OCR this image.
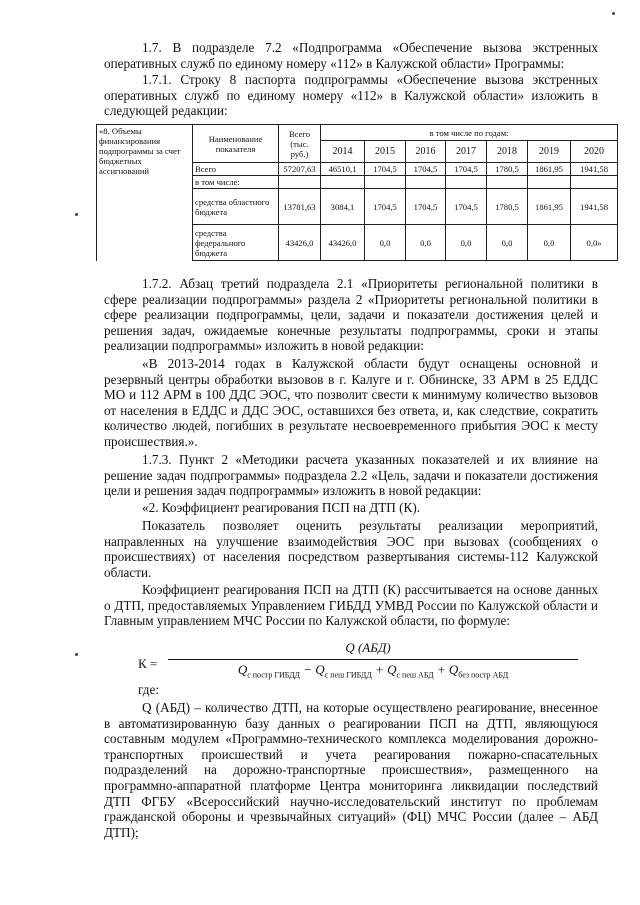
1.7. В подразделе 7.2 «Подпрограмма «Обеспечение вызова экстренных оперативных служб по единому номеру «112» в Калужской области» Программы:
1.7.1. Строку 8 паспорта подпрограммы «Обеспечение вызова экстренных оперативных служб по единому номеру «112» в Калужской области» изложить в следующей редакции:
«8. Объемы финансирования подпрограммы за счет бюджетных ассигнований	Наименование показателя	Всего (тыс. руб.)	в том числе по годам:						
			2014	2015	2016	2017	2018	2019	2020
	Всего	57207,63	46510,1	1704,5	1704,5	1704,5	1780,5	1861,95	1941,58
	в том числе:								
	средства областного бюджета	13781,63	3084,1	1704,5	1704,5	1704,5	1780,5	1861,95	1941,58
	средства федерального бюджета	43426,0	43426,0	0,0	0,0	0,0	0,0	0,0	0,0»
1.7.2. Абзац третий подраздела 2.1 «Приоритеты региональной политики в сфере реализации подпрограммы» раздела 2 «Приоритеты региональной политики в сфере реализации подпрограммы, цели, задачи и показатели достижения целей и решения задач, ожидаемые конечные результаты подпрограммы, сроки и этапы реализации подпрограммы» изложить в новой редакции:
«В 2013-2014 годах в Калужской области будут оснащены основной и резервный центры обработки вызовов в г. Калуге и г. Обнинске, 33 АРМ в 25 ЕДДС МО и 112 АРМ в 100 ДДС ЭОС, что позволит свести к минимуму количество вызовов от населения в ЕДДС и ДДС ЭОС, оставшихся без ответа, и, как следствие, сократить количество людей, погибших в результате несвоевременного прибытия ЭОС к месту происшествия.».
1.7.3. Пункт 2 «Методики расчета указанных показателей и их влияние на решение задач подпрограммы» подраздела 2.2 «Цель, задачи и показатели достижения цели и решения задач подпрограммы» изложить в новой редакции:
«2. Коэффициент реагирования ПСП на ДТП (К).
Показатель позволяет оценить результаты реализации мероприятий, направленных на улучшение взаимодействия ЭОС при вызовах (сообщениях о происшествиях) от населения посредством развертывания системы-112 Калужской области.
Коэффициент реагирования ПСП на ДТП (К) рассчитывается на основе данных о ДТП, предоставляемых Управлением ГИБДД УМВД России по Калужской области и Главным управлением МЧС России по Калужской области, по формуле:
К =
Q (АБД)
$Q_{с постр ГИБДД} - Q_{с пеш ГИБДД} + Q_{с пеш АБД} + Q_{без постр АБД}$
где:
Q (АБД) – количество ДТП, на которые осуществлено реагирование, внесенное в автоматизированную базу данных о реагировании ПСП на ДТП, являющуюся составным модулем «Программно-технического комплекса моделирования дорожно-транспортных происшествий и учета реагирования пожарно-спасательных подразделений на дорожно-транспортные происшествия», размещенного на программно-аппаратной платформе Центра мониторинга ликвидации последствий ДТП ФГБУ «Всероссийский научно-исследовательский институт по проблемам гражданской обороны и чрезвычайных ситуаций» (ФЦ) МЧС России (далее – АБД ДТП);
